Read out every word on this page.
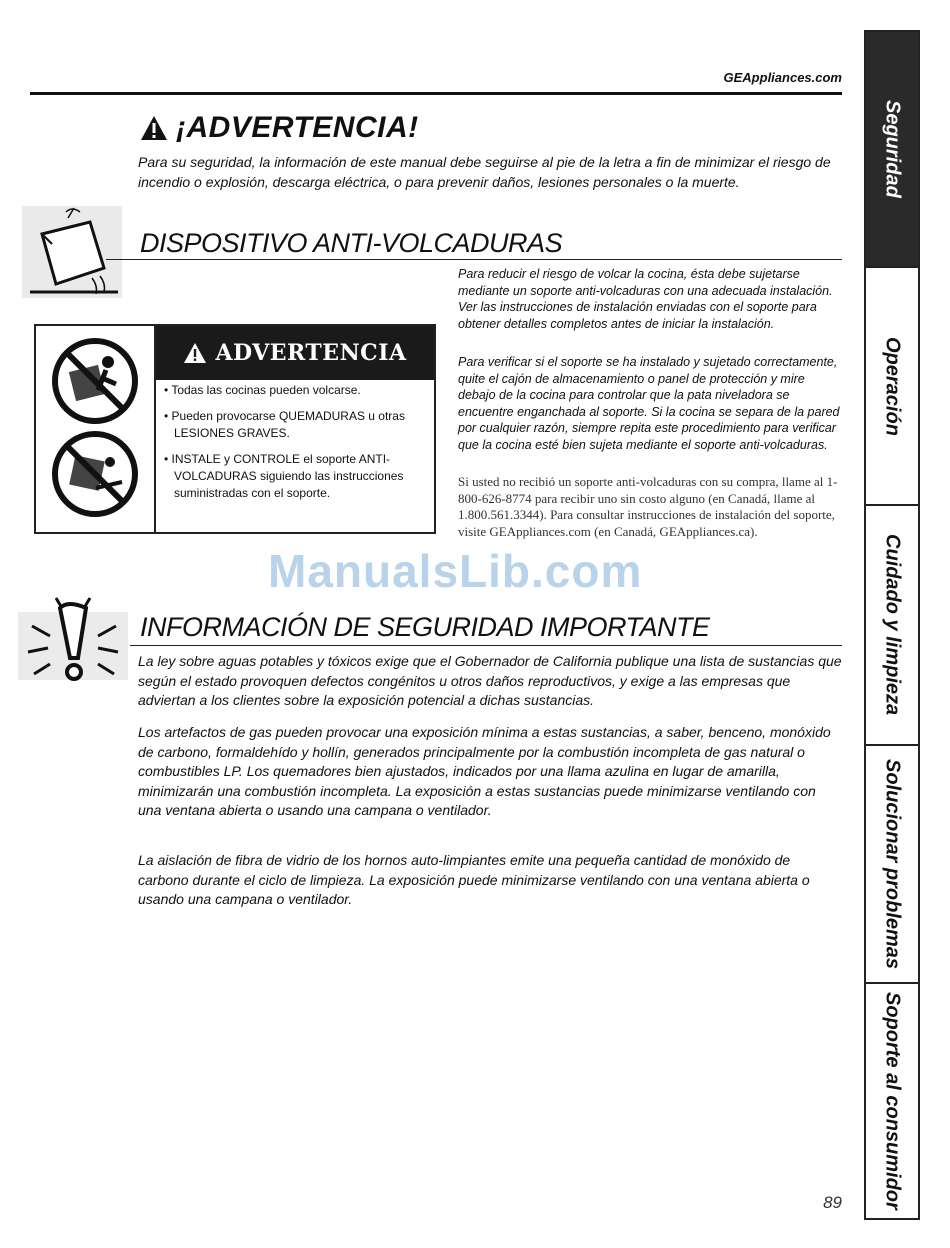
GEAppliances.com
¡ADVERTENCIA!

Para su seguridad, la información de este manual debe seguirse al pie de la letra a fin de minimizar el riesgo de incendio o explosión, descarga eléctrica, o para prevenir daños, lesiones personales o la muerte.

DISPOSITIVO ANTI-VOLCADURAS

Para reducir el riesgo de volcar la cocina, ésta debe sujetarse mediante un soporte anti-volcaduras con una adecuada instalación. Ver las instrucciones de instalación enviadas con el soporte para obtener detalles completos antes de iniciar la instalación.

Para verificar si el soporte se ha instalado y sujetado correctamente, quite el cajón de almacenamiento o panel de protección y mire debajo de la cocina para controlar que la pata niveladora se encuentre enganchada al soporte. Si la cocina se separa de la pared por cualquier razón, siempre repita este procedimiento para verificar que la cocina esté bien sujeta mediante el soporte anti-volcaduras.

Si usted no recibió un soporte anti-volcaduras con su compra, llame al 1-800-626-8774 para recibir uno sin costo alguno (en Canadá, llame al 1.800.561.3344). Para consultar instrucciones de instalación del soporte, visite GEAppliances.com (en Canadá, GEAppliances.ca).

ADVERTENCIA
• Todas las cocinas pueden volcarse.
• Pueden provocarse QUEMADURAS u otras LESIONES GRAVES.
• INSTALE y CONTROLE el soporte ANTI-VOLCADURAS siguiendo las instrucciones suministradas con el soporte.
ManualsLib.com
INFORMACIÓN DE SEGURIDAD IMPORTANTE

La ley sobre aguas potables y tóxicos exige que el Gobernador de California publique una lista de sustancias que según el estado provoquen defectos congénitos u otros daños reproductivos, y exige a las empresas que adviertan a los clientes sobre la exposición potencial a dichas sustancias.

Los artefactos de gas pueden provocar una exposición mínima a estas sustancias, a saber, benceno, monóxido de carbono, formaldehído y hollín, generados principalmente por la combustión incompleta de gas natural o combustibles LP. Los quemadores bien ajustados, indicados por una llama azulina en lugar de amarilla, minimizarán una combustión incompleta. La exposición a estas sustancias puede minimizarse ventilando con una ventana abierta o usando una campana o ventilador.

La aislación de fibra de vidrio de los hornos auto-limpiantes emite una pequeña cantidad de monóxido de carbono durante el ciclo de limpieza. La exposición puede minimizarse ventilando con una ventana abierta o usando una campana o ventilador.

Seguridad
Operación
Cuidado y limpieza
Solucionar problemas
Soporte al consumidor
89
